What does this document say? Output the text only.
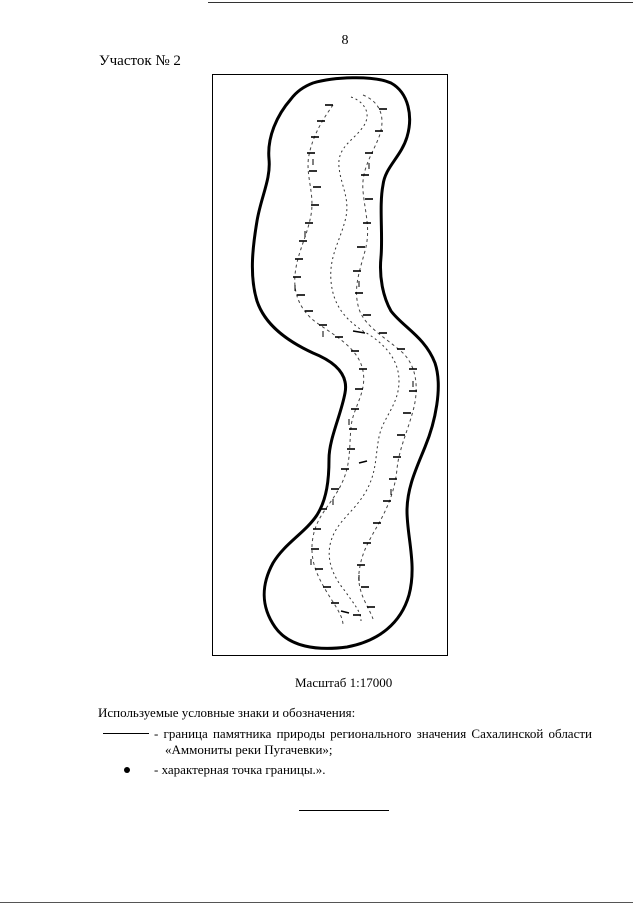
8
Участок № 2
Масштаб 1:17000
Используемые условные знаки и обозначения:
- граница памятника природы регионального значения Сахалинской области
«Аммониты реки Пугачевки»;
- характерная точка границы.».
